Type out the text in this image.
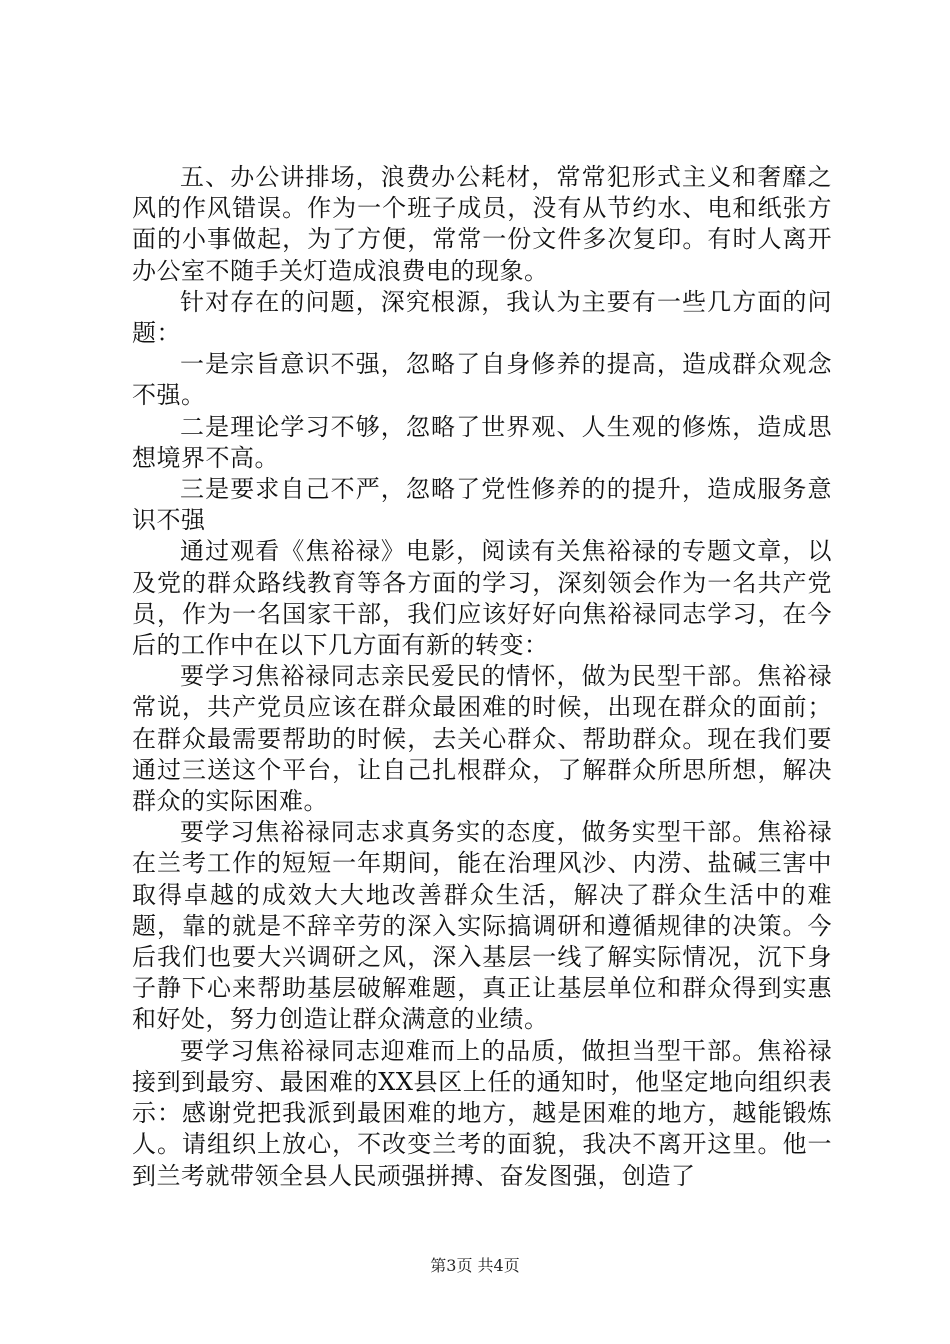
五、办公讲排场，浪费办公耗材，常常犯形式主义和奢靡之风的作风错误。作为一个班子成员，没有从节约水、电和纸张方面的小事做起，为了方便，常常一份文件多次复印。有时人离开办公室不随手关灯造成浪费电的现象。

针对存在的问题，深究根源，我认为主要有一些几方面的问题：

一是宗旨意识不强，忽略了自身修养的提高，造成群众观念不强。

二是理论学习不够，忽略了世界观、人生观的修炼，造成思想境界不高。

三是要求自己不严，忽略了党性修养的的提升，造成服务意识不强

通过观看《焦裕禄》电影，阅读有关焦裕禄的专题文章，以及党的群众路线教育等各方面的学习，深刻领会作为一名共产党员，作为一名国家干部，我们应该好好向焦裕禄同志学习，在今后的工作中在以下几方面有新的转变：

要学习焦裕禄同志亲民爱民的情怀，做为民型干部。焦裕禄常说，共产党员应该在群众最困难的时候，出现在群众的面前；在群众最需要帮助的时候，去关心群众、帮助群众。现在我们要通过三送这个平台，让自己扎根群众，了解群众所思所想，解决群众的实际困难。

要学习焦裕禄同志求真务实的态度，做务实型干部。焦裕禄在兰考工作的短短一年期间，能在治理风沙、内涝、盐碱三害中取得卓越的成效大大地改善群众生活，解决了群众生活中的难题，靠的就是不辞辛劳的深入实际搞调研和遵循规律的决策。今后我们也要大兴调研之风，深入基层一线了解实际情况，沉下身子静下心来帮助基层破解难题，真正让基层单位和群众得到实惠和好处，努力创造让群众满意的业绩。

要学习焦裕禄同志迎难而上的品质，做担当型干部。焦裕禄接到到最穷、最困难的XX县区上任的通知时，他坚定地向组织表示：感谢党把我派到最困难的地方，越是困难的地方，越能锻炼人。请组织上放心，不改变兰考的面貌，我决不离开这里。他一到兰考就带领全县人民顽强拼搏、奋发图强，创造了

第3页 共4页
